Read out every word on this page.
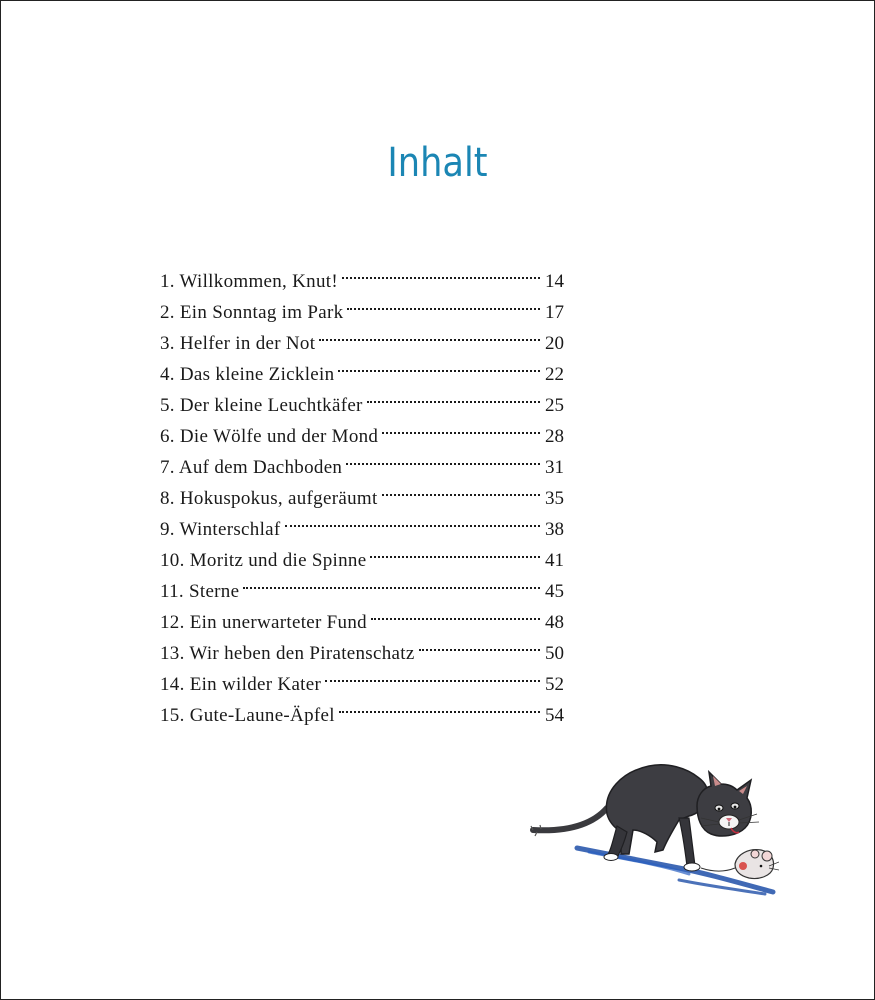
Inhalt
1. Willkommen, Knut!	14
2. Ein Sonntag im Park	17
3. Helfer in der Not	20
4. Das kleine Zicklein	22
5. Der kleine Leuchtkäfer	25
6. Die Wölfe und der Mond	28
7. Auf dem Dachboden	31
8. Hokuspokus, aufgeräumt	35
9. Winterschlaf	38
10. Moritz und die Spinne	41
11. Sterne	45
12. Ein unerwarteter Fund	48
13. Wir heben den Piratenschatz	50
14. Ein wilder Kater	52
15. Gute-Laune-Äpfel	54
